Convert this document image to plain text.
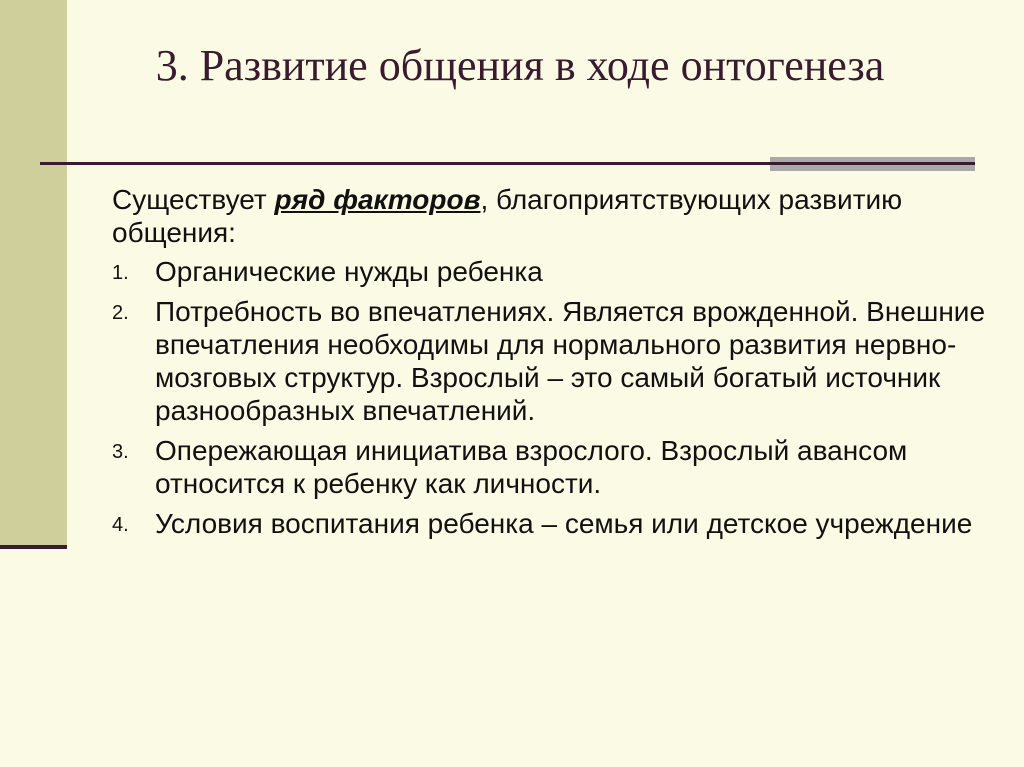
3. Развитие общения в ходе онтогенеза

Существует ряд факторов, благоприятствующих развитию общения:

1. Органические нужды ребенка
2. Потребность во впечатлениях. Является врожденной. Внешние впечатления необходимы для нормального развития нервно-мозговых структур. Взрослый – это самый богатый источник разнообразных впечатлений.
3. Опережающая инициатива взрослого. Взрослый авансом относится к ребенку как личности.
4. Условия воспитания ребенка – семья или детское учреждение
